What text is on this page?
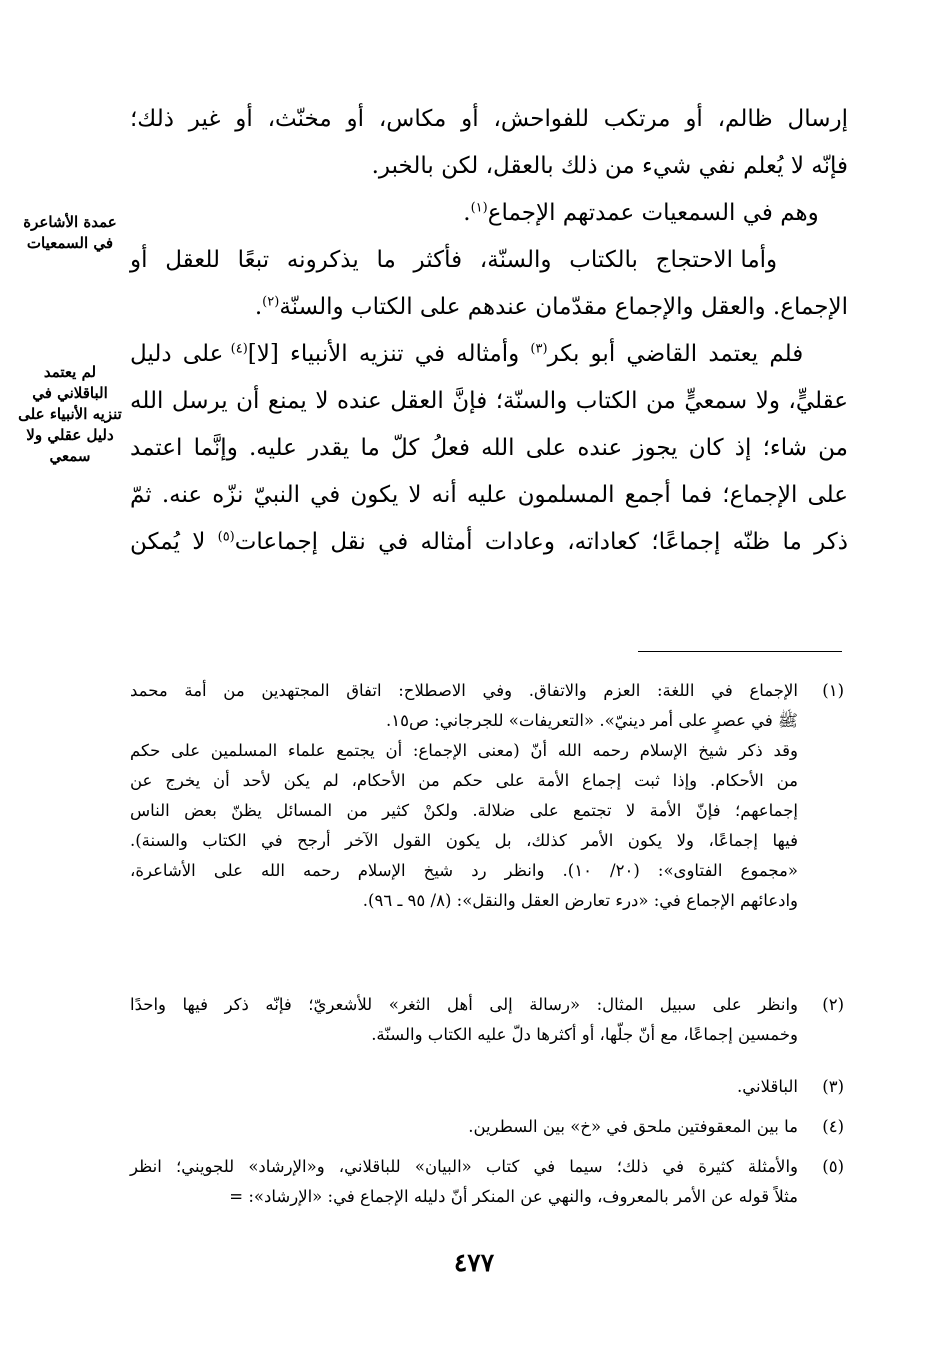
إرسال ظالم، أو مرتكب للفواحش، أو مكاس، أو مخنّث، أو غير ذلك؛

فإنّه لا يُعلم نفي شيء من ذلك بالعقل، لكن بالخبر.

وهم في السمعيات عمدتهم الإجماع$^{(١)}$.

وأما الاحتجاج بالكتاب والسنّة، فأكثر ما يذكرونه تبعًا للعقل أو

الإجماع. والعقل والإجماع مقدّمان عندهم على الكتاب والسنّة$^{(٢)}$.

فلم يعتمد القاضي أبو بكر$^{(٣)}$ وأمثاله في تنزيه الأنبياء [لا]$^{(٤)}$ على دليل

عقليٍّ، ولا سمعيٍّ من الكتاب والسنّة؛ فإنَّ العقل عنده لا يمنع أن يرسل الله

من شاء؛ إذ كان يجوز عنده على الله فعلُ كلّ ما يقدر عليه. وإنَّما اعتمد

على الإجماع؛ فما أجمع المسلمون عليه أنه لا يكون في النبيّ نزّه عنه. ثمّ

ذكر ما ظنّه إجماعًا؛ كعاداته، وعادات أمثاله في نقل إجماعات$^{(٥)}$ لا يُمكن

عمدة الأشاعرة في السمعيات
لم يعتمد الباقلاني في تنزيه الأنبياء على دليل عقلي ولا سمعي
(١)

الإجماع في اللغة: العزم والاتفاق. وفي الاصطلاح: اتفاق المجتهدين من أمة محمد

ﷺ في عصرٍ على أمر دينيّ». «التعريفات» للجرجاني: ص١٥.

وقد ذكر شيخ الإسلام رحمه الله أنّ (معنى الإجماع: أن يجتمع علماء المسلمين على حكم

من الأحكام. وإذا ثبت إجماع الأمة على حكم من الأحكام، لم يكن لأحد أن يخرج عن

إجماعهم؛ فإنّ الأمة لا تجتمع على ضلالة. ولكنْ كثير من المسائل يظنّ بعض الناس

فيها إجماعًا، ولا يكون الأمر كذلك، بل يكون القول الآخر أرجح في الكتاب والسنة).

«مجموع الفتاوى»: (٢٠/ ١٠). وانظر رد شيخ الإسلام رحمه الله على الأشاعرة،

وادعائهم الإجماع في: «درء تعارض العقل والنقل»: (٨/ ٩٥ ـ ٩٦).

(٢)

وانظر على سبيل المثال: «رسالة إلى أهل الثغر» للأشعريّ؛ فإنّه ذكر فيها واحدًا

وخمسين إجماعًا، مع أنّ جلّها، أو أكثرها دلّ عليه الكتاب والسنّة.

(٣)

الباقلاني.

(٤)

ما بين المعقوفتين ملحق في «خ» بين السطرين.

(٥)

والأمثلة كثيرة في ذلك؛ سيما في كتاب «البيان» للباقلاني، و«الإرشاد» للجويني؛ انظر

مثلاً قوله عن الأمر بالمعروف، والنهي عن المنكر أنّ دليله الإجماع في: «الإرشاد»: =

٤٧٧
